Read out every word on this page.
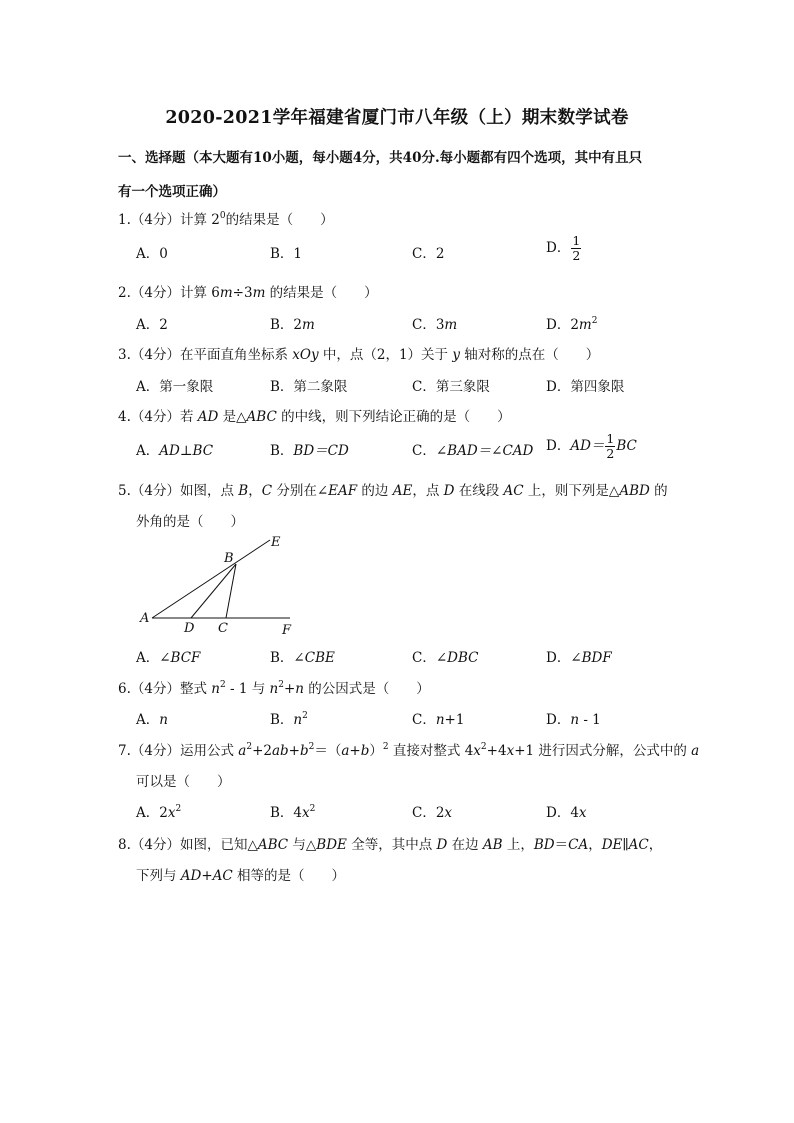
2020-2021学年福建省厦门市八年级（上）期末数学试卷
一、选择题（本大题有10小题，每小题4分，共40分.每小题都有四个选项，其中有且只
有一个选项正确）
1.（4分）计算 $2^0$的结果是（　　）
A．0	B．1	C．2	D． $\frac{1}{2}$
2.（4分）计算 6m÷3m 的结果是（　　）
A．2	B．2m	C．3m	D．$2m^2$
3.（4分）在平面直角坐标系 xOy 中，点（2，1）关于 y 轴对称的点在（　　）
A．第一象限	B．第二象限	C．第三象限	D．第四象限
4.（4分）若 AD 是△ABC 的中线，则下列结论正确的是（　　）
A．AD⊥BC	B．BD＝CD	C．∠BAD＝∠CAD D．$AD= \frac{1}{2}$ BC
5.（4分）如图，点 B，C 分别在∠EAF 的边 AE，点 D 在线段 AC 上，则下列是△ABD 的
外角的是（　　）
A
B
C
D
E
F
A．∠BCF	B．∠CBE	C．∠DBC	D．∠BDF
6.（4分）整式 $n^2 - 1$ 与 $n^2+n$ 的公因式是（　　）
A．n	B．$n^2$	C．n+1	D．n - 1
7.（4分）运用公式 $a^2+2ab+b^2=(a+b)^2$ 直接对整式 $4x^2+4x+1$ 进行因式分解，公式中的 a
可以是（　　）
A．$2x^2$	B．$4x^2$	C．2x	D．4x
8.（4分）如图，已知△ABC 与△BDE 全等，其中点 D 在边 AB 上，BD＝CA，DE∥AC，
下列与 AD+AC 相等的是（　　）
